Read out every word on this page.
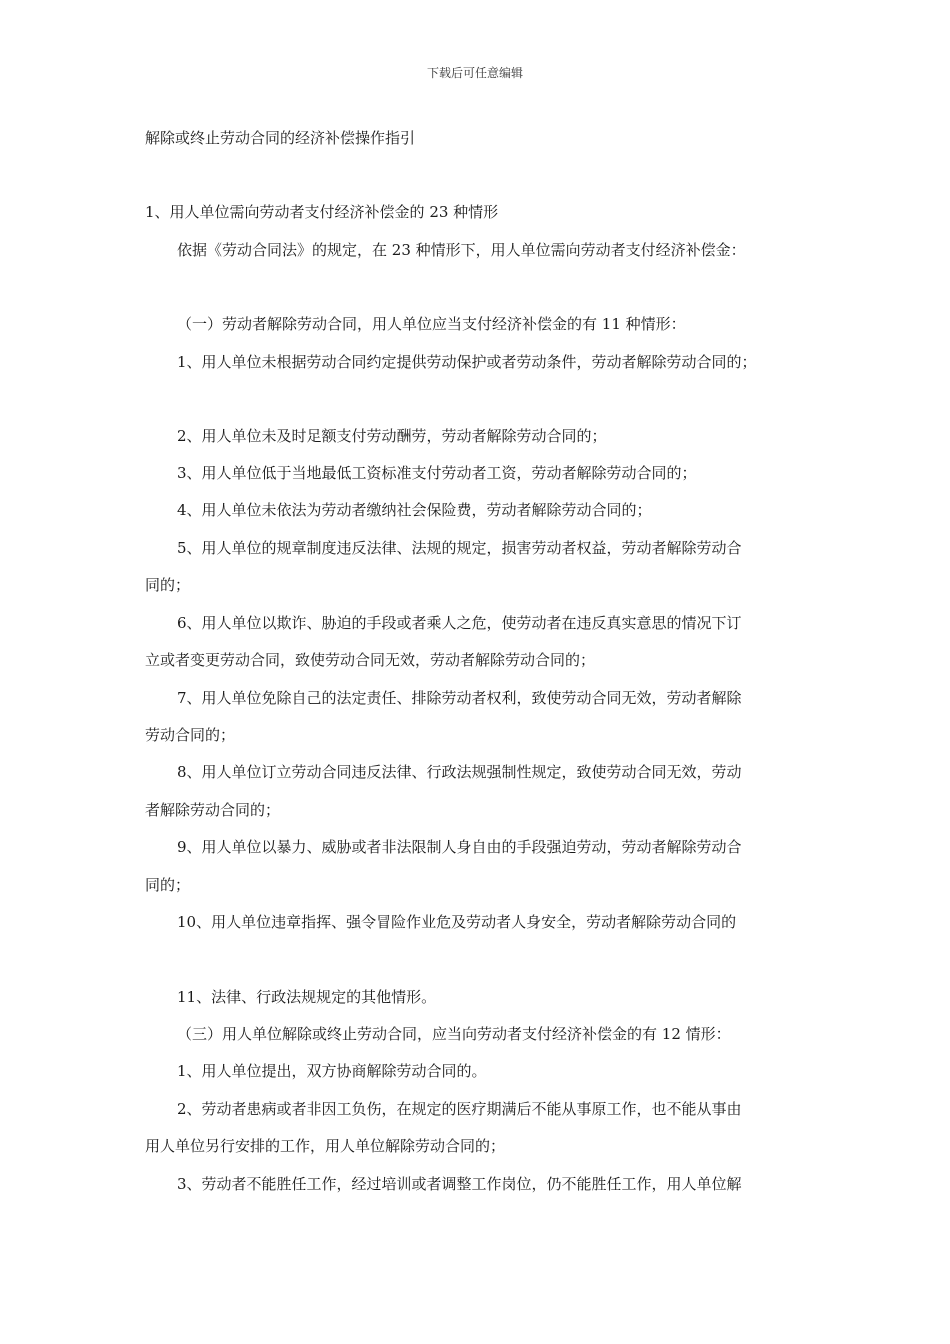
下载后可任意编辑
解除或终止劳动合同的经济补偿操作指引
1、用人单位需向劳动者支付经济补偿金的 23 种情形
依据《劳动合同法》的规定，在 23 种情形下，用人单位需向劳动者支付经济补偿金：
（一）劳动者解除劳动合同，用人单位应当支付经济补偿金的有 11 种情形：
1、用人单位未根据劳动合同约定提供劳动保护或者劳动条件，劳动者解除劳动合同的；
2、用人单位未及时足额支付劳动酬劳，劳动者解除劳动合同的；
3、用人单位低于当地最低工资标准支付劳动者工资，劳动者解除劳动合同的；
4、用人单位未依法为劳动者缴纳社会保险费，劳动者解除劳动合同的；
5、用人单位的规章制度违反法律、法规的规定，损害劳动者权益，劳动者解除劳动合
同的；
6、用人单位以欺诈、胁迫的手段或者乘人之危，使劳动者在违反真实意思的情况下订
立或者变更劳动合同，致使劳动合同无效，劳动者解除劳动合同的；
7、用人单位免除自己的法定责任、排除劳动者权利，致使劳动合同无效，劳动者解除
劳动合同的；
8、用人单位订立劳动合同违反法律、行政法规强制性规定，致使劳动合同无效，劳动
者解除劳动合同的；
9、用人单位以暴力、威胁或者非法限制人身自由的手段强迫劳动，劳动者解除劳动合
同的；
10、用人单位违章指挥、强令冒险作业危及劳动者人身安全，劳动者解除劳动合同的
11、法律、行政法规规定的其他情形。
（三）用人单位解除或终止劳动合同，应当向劳动者支付经济补偿金的有 12 情形：
1、用人单位提出，双方协商解除劳动合同的。
2、劳动者患病或者非因工负伤，在规定的医疗期满后不能从事原工作，也不能从事由
用人单位另行安排的工作，用人单位解除劳动合同的；
3、劳动者不能胜任工作，经过培训或者调整工作岗位，仍不能胜任工作，用人单位解
